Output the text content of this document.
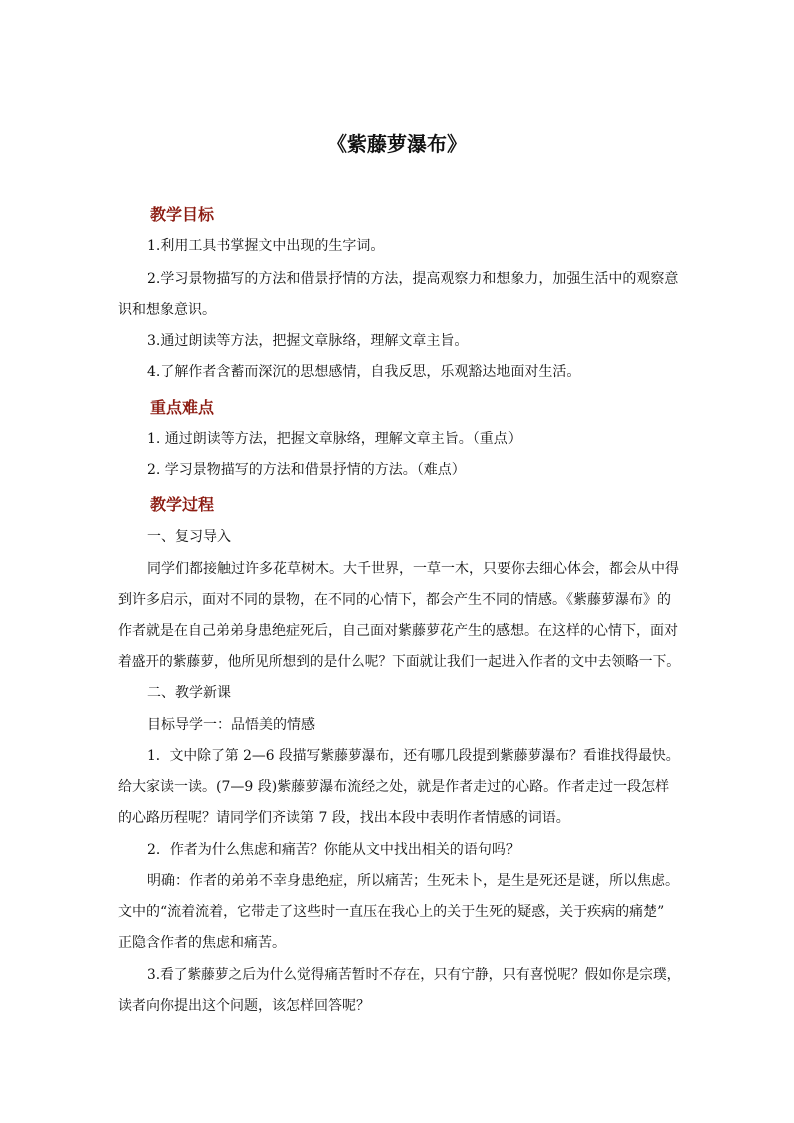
《紫藤萝瀑布》
教学目标
1.利用工具书掌握文中出现的生字词。
2.学习景物描写的方法和借景抒情的方法，提高观察力和想象力，加强生活中的观察意
识和想象意识。
3.通过朗读等方法，把握文章脉络，理解文章主旨。
4.了解作者含蓄而深沉的思想感情，自我反思，乐观豁达地面对生活。
重点难点
1. 通过朗读等方法，把握文章脉络，理解文章主旨。（重点）
2. 学习景物描写的方法和借景抒情的方法。（难点）
教学过程
一、复习导入
同学们都接触过许多花草树木。大千世界，一草一木，只要你去细心体会，都会从中得
到许多启示，面对不同的景物，在不同的心情下，都会产生不同的情感。《紫藤萝瀑布》的
作者就是在自己弟弟身患绝症死后，自己面对紫藤萝花产生的感想。在这样的心情下，面对
着盛开的紫藤萝，他所见所想到的是什么呢？下面就让我们一起进入作者的文中去领略一下。
二、教学新课
目标导学一：品悟美的情感
1．文中除了第 2—6 段描写紫藤萝瀑布，还有哪几段提到紫藤萝瀑布？看谁找得最快。
给大家读一读。(7—9 段)紫藤萝瀑布流经之处，就是作者走过的心路。作者走过一段怎样
的心路历程呢？请同学们齐读第 7 段，找出本段中表明作者情感的词语。
2．作者为什么焦虑和痛苦？你能从文中找出相关的语句吗？
明确：作者的弟弟不幸身患绝症，所以痛苦；生死未卜，是生是死还是谜，所以焦虑。
文中的“流着流着，它带走了这些时一直压在我心上的关于生死的疑惑，关于疾病的痛楚”
正隐含作者的焦虑和痛苦。
3.看了紫藤萝之后为什么觉得痛苦暂时不存在，只有宁静，只有喜悦呢？假如你是宗璞，
读者向你提出这个问题，该怎样回答呢？
